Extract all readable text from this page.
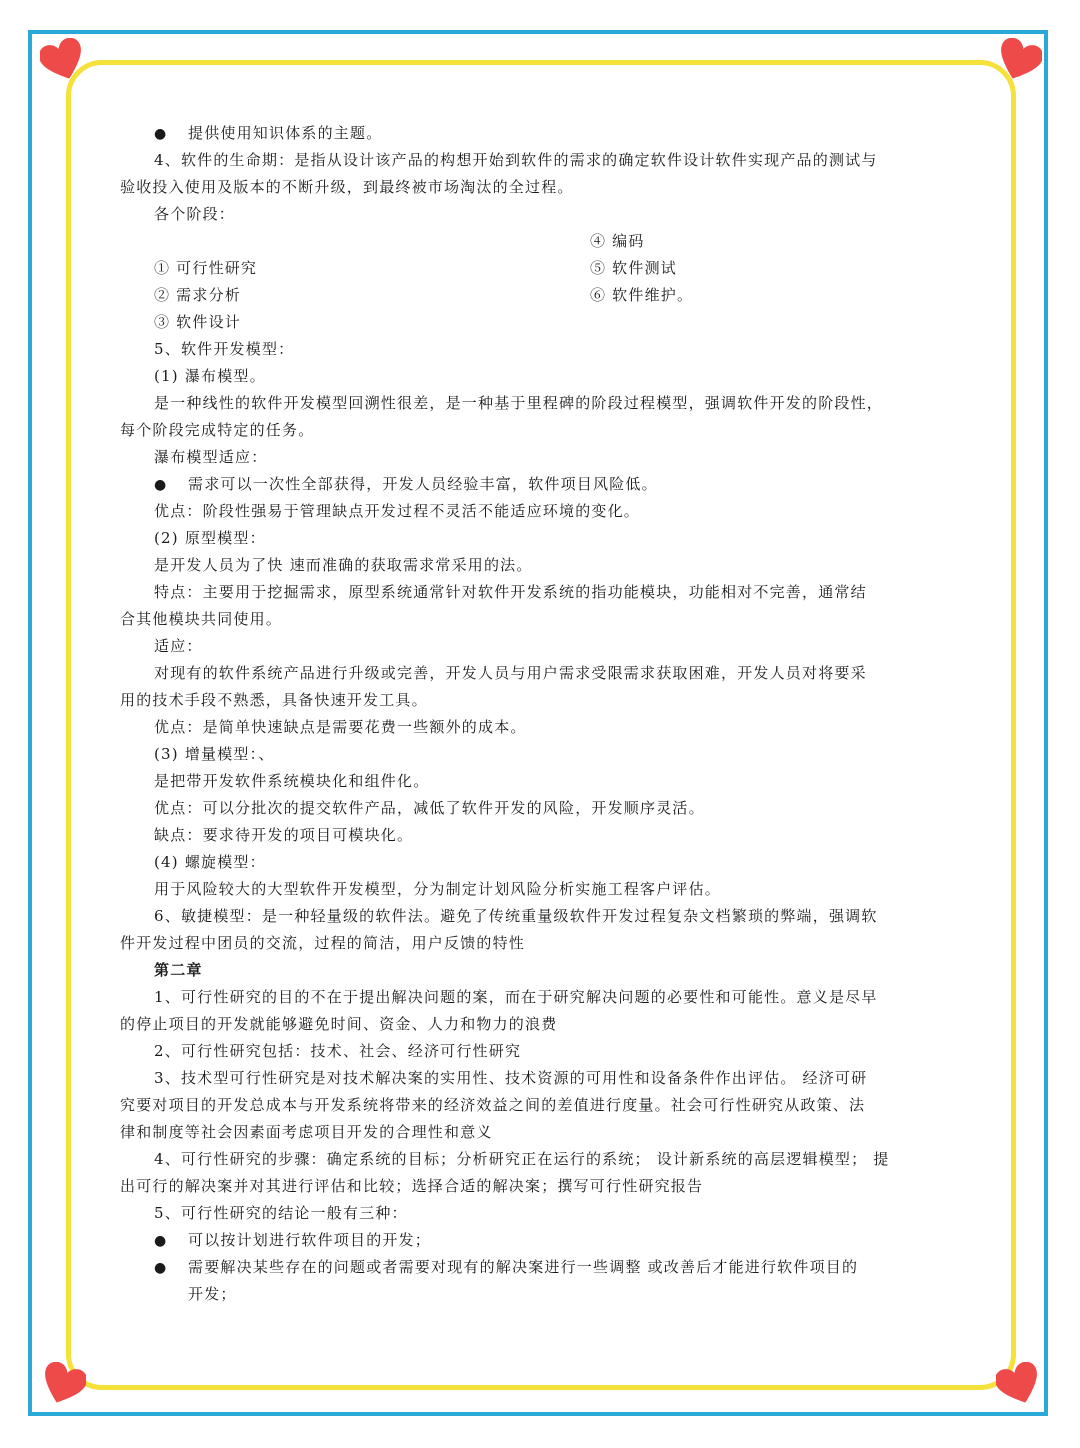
● 提供使用知识体系的主题。
4、软件的生命期：是指从设计该产品的构想开始到软件的需求的确定软件设计软件实现产品的测试与
验收投入使用及版本的不断升级，到最终被市场淘汰的全过程。
各个阶段：
④ 编码
① 可行性研究	⑤ 软件测试
② 需求分析	⑥ 软件维护。
③ 软件设计
5、软件开发模型：
(1) 瀑布模型。
是一种线性的软件开发模型回溯性很差，是一种基于里程碑的阶段过程模型，强调软件开发的阶段性，
每个阶段完成特定的任务。
瀑布模型适应：
● 需求可以一次性全部获得，开发人员经验丰富，软件项目风险低。
优点：阶段性强易于管理缺点开发过程不灵活不能适应环境的变化。
(2) 原型模型：
是开发人员为了快 速而准确的获取需求常采用的法。
特点：主要用于挖掘需求，原型系统通常针对软件开发系统的指功能模块，功能相对不完善，通常结
合其他模块共同使用。
适应：
对现有的软件系统产品进行升级或完善，开发人员与用户需求受限需求获取困难，开发人员对将要采
用的技术手段不熟悉，具备快速开发工具。
优点：是简单快速缺点是需要花费一些额外的成本。
(3) 增量模型：、
是把带开发软件系统模块化和组件化。
优点：可以分批次的提交软件产品，减低了软件开发的风险，开发顺序灵活。
缺点：要求待开发的项目可模块化。
(4) 螺旋模型：
用于风险较大的大型软件开发模型，分为制定计划风险分析实施工程客户评估。
6、敏捷模型：是一种轻量级的软件法。避免了传统重量级软件开发过程复杂文档繁琐的弊端，强调软
件开发过程中团员的交流，过程的简洁，用户反馈的特性
第二章
1、可行性研究的目的不在于提出解决问题的案，而在于研究解决问题的必要性和可能性。意义是尽早
的停止项目的开发就能够避免时间、资金、人力和物力的浪费
2、可行性研究包括：技术、社会、经济可行性研究
3、技术型可行性研究是对技术解决案的实用性、技术资源的可用性和设备条件作出评估。 经济可研
究要对项目的开发总成本与开发系统将带来的经济效益之间的差值进行度量。社会可行性研究从政策、法
律和制度等社会因素面考虑项目开发的合理性和意义
4、可行性研究的步骤：确定系统的目标；分析研究正在运行的系统； 设计新系统的高层逻辑模型； 提
出可行的解决案并对其进行评估和比较；选择合适的解决案；撰写可行性研究报告
5、可行性研究的结论一般有三种：
● 可以按计划进行软件项目的开发；
● 需要解决某些存在的问题或者需要对现有的解决案进行一些调整 或改善后才能进行软件项目的
开发；
